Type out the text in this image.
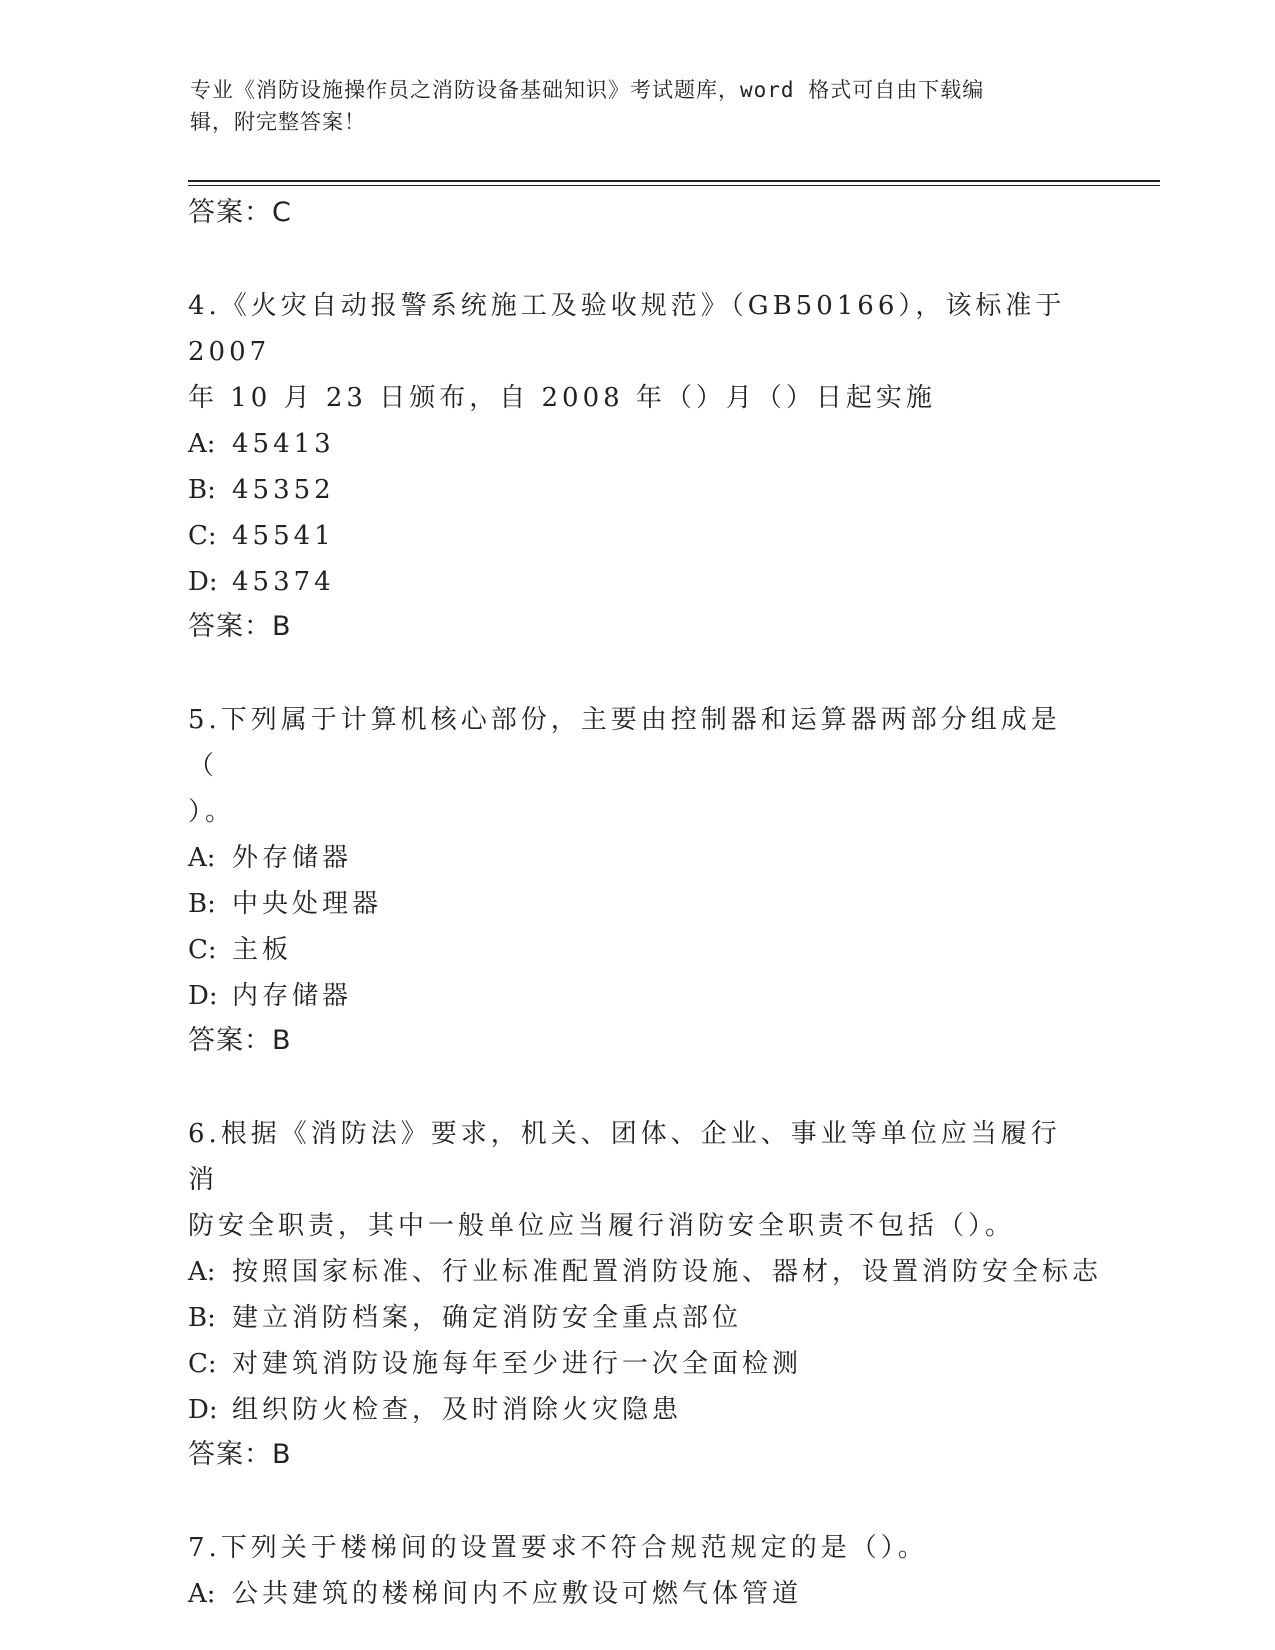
专业《消防设施操作员之消防设备基础知识》考试题库，word 格式可自由下载编
辑，附完整答案！
答案：C
4.《火灾自动报警系统施工及验收规范》（GB50166），该标准于 2007
年 10 月 23 日颁布，自 2008 年（）月（）日起实施
A: 45413
B: 45352
C: 45541
D: 45374
答案：B
5.下列属于计算机核心部份，主要由控制器和运算器两部分组成是（
）。
A: 外存储器
B: 中央处理器
C: 主板
D: 内存储器
答案：B
6.根据《消防法》要求，机关、团体、企业、事业等单位应当履行消
防安全职责，其中一般单位应当履行消防安全职责不包括（）。
A: 按照国家标准、行业标准配置消防设施、器材，设置消防安全标志
B: 建立消防档案，确定消防安全重点部位
C: 对建筑消防设施每年至少进行一次全面检测
D: 组织防火检查，及时消除火灾隐患
答案：B
7.下列关于楼梯间的设置要求不符合规范规定的是（）。
A: 公共建筑的楼梯间内不应敷设可燃气体管道
